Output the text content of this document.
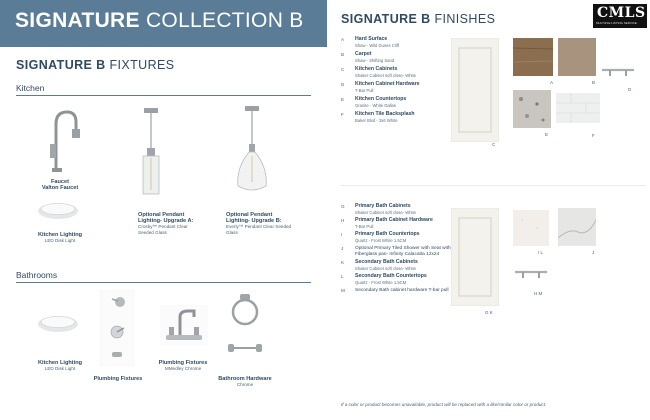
SIGNATURE COLLECTION B
SIGNATURE B FIXTURES
Kitchen
Faucet
Valton Faucet
Kitchen Lighting
LED Disk Light
Optional Pendant Lighting- Upgrade A:
Crosby™ Pendant Clear Seeded Glass
Optional Pendant Lighting- Upgrade B:
Everly™ Pendant Clear Seeded Glass
Bathrooms
Kitchen Lighting
LED Disk Light
Plumbing Fixtures
Plumbing Fixtures
MMedley Chrome
Bathroom Hardware
Chrome
SIGNATURE B FINISHES	CMLS
MULTIPLE LISTING SERVICE
A	Hard Surface
Shaw - Wild Dunes Cliff
B	Carpet
Shaw - Shifting Sand
C	Kitchen Cabinets
Shaker Cabinet soft close- White
D	Kitchen Cabinet Hardware
T-Bar Pull
E	Kitchen Countertops
Granite - White Dallas
F	Kitchen Tile Backsplash
Baker Blvd - 3x6 White
C
A	B
D
E	F
G	Primary Bath Cabinets
Shaker Cabinet soft close- White
H	Primary Bath Cabinet Hardware
T-Bar Pull
I	Primary Bath Countertops
Quartz - Frost White 1.5CM
J	Optional Primary Tiled Shower with Seat with Fiberglass pan- Infinity Calacatta 12x24
K	Secondary Bath Cabinets
Shaker Cabinet soft close- White
L	Secondary Bath Countertops
Quartz - Frost White 1.5CM
M	Secondary Bath cabinet hardware T-bar pull
G K
I L	J
H M
If a color or product becomes unavailable, product will be replaced with a like/similar color or product.
